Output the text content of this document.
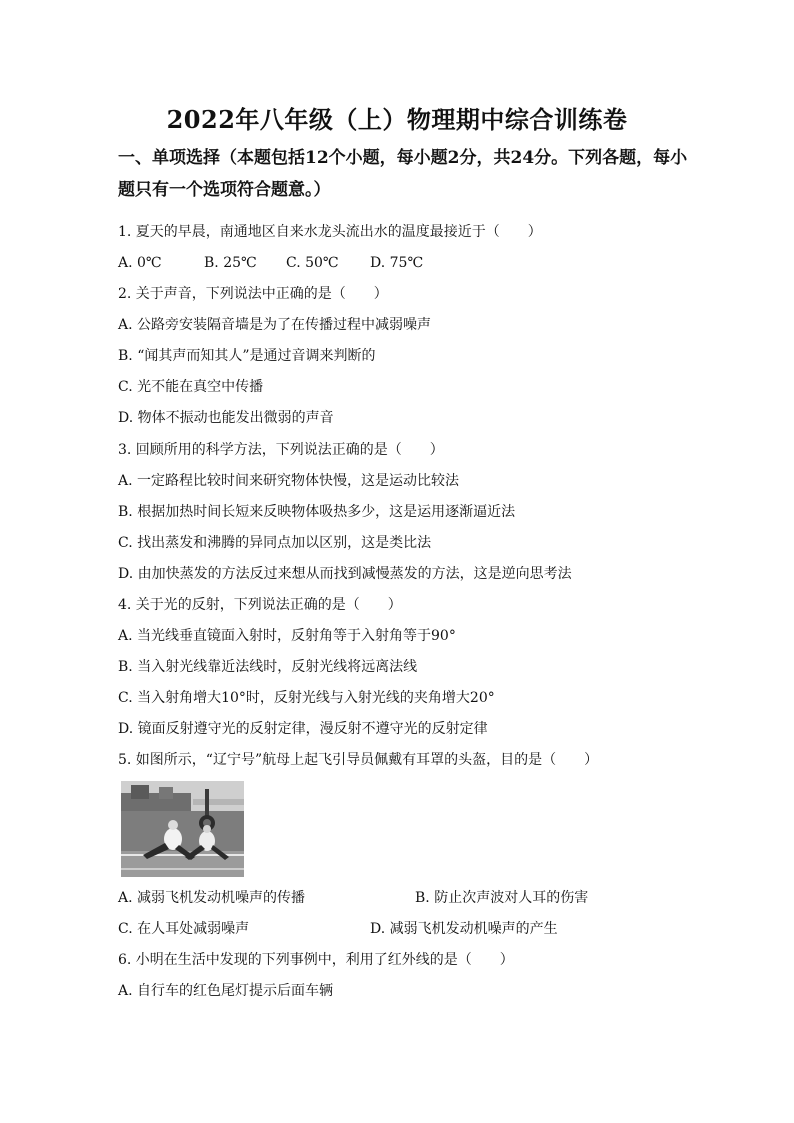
2022年八年级（上）物理期中综合训练卷
一、单项选择（本题包括12个小题，每小题2分，共24分。下列各题，每小
题只有一个选项符合题意。）
1. 夏天的早晨，南通地区自来水龙头流出水的温度最接近于（　　）
A. 0℃	B. 25℃ C. 50℃ D. 75℃
2. 关于声音，下列说法中正确的是（　　）
A. 公路旁安装隔音墙是为了在传播过程中减弱噪声
B. “闻其声而知其人”是通过音调来判断的
C. 光不能在真空中传播
D. 物体不振动也能发出微弱的声音
3. 回顾所用的科学方法，下列说法正确的是（　　）
A. 一定路程比较时间来研究物体快慢，这是运动比较法
B. 根据加热时间长短来反映物体吸热多少，这是运用逐渐逼近法
C. 找出蒸发和沸腾的异同点加以区别，这是类比法
D. 由加快蒸发的方法反过来想从而找到减慢蒸发的方法，这是逆向思考法
4. 关于光的反射，下列说法正确的是（　　）
A. 当光线垂直镜面入射时，反射角等于入射角等于90°
B. 当入射光线靠近法线时，反射光线将远离法线
C. 当入射角增大10°时，反射光线与入射光线的夹角增大20°
D. 镜面反射遵守光的反射定律，漫反射不遵守光的反射定律
5. 如图所示，“辽宁号”航母上起飞引导员佩戴有耳罩的头盔，目的是（　　）
A. 减弱飞机发动机噪声的传播	B. 防止次声波对人耳的伤害
C. 在人耳处减弱噪声	D. 减弱飞机发动机噪声的产生
6. 小明在生活中发现的下列事例中，利用了红外线的是（　　）
A. 自行车的红色尾灯提示后面车辆
